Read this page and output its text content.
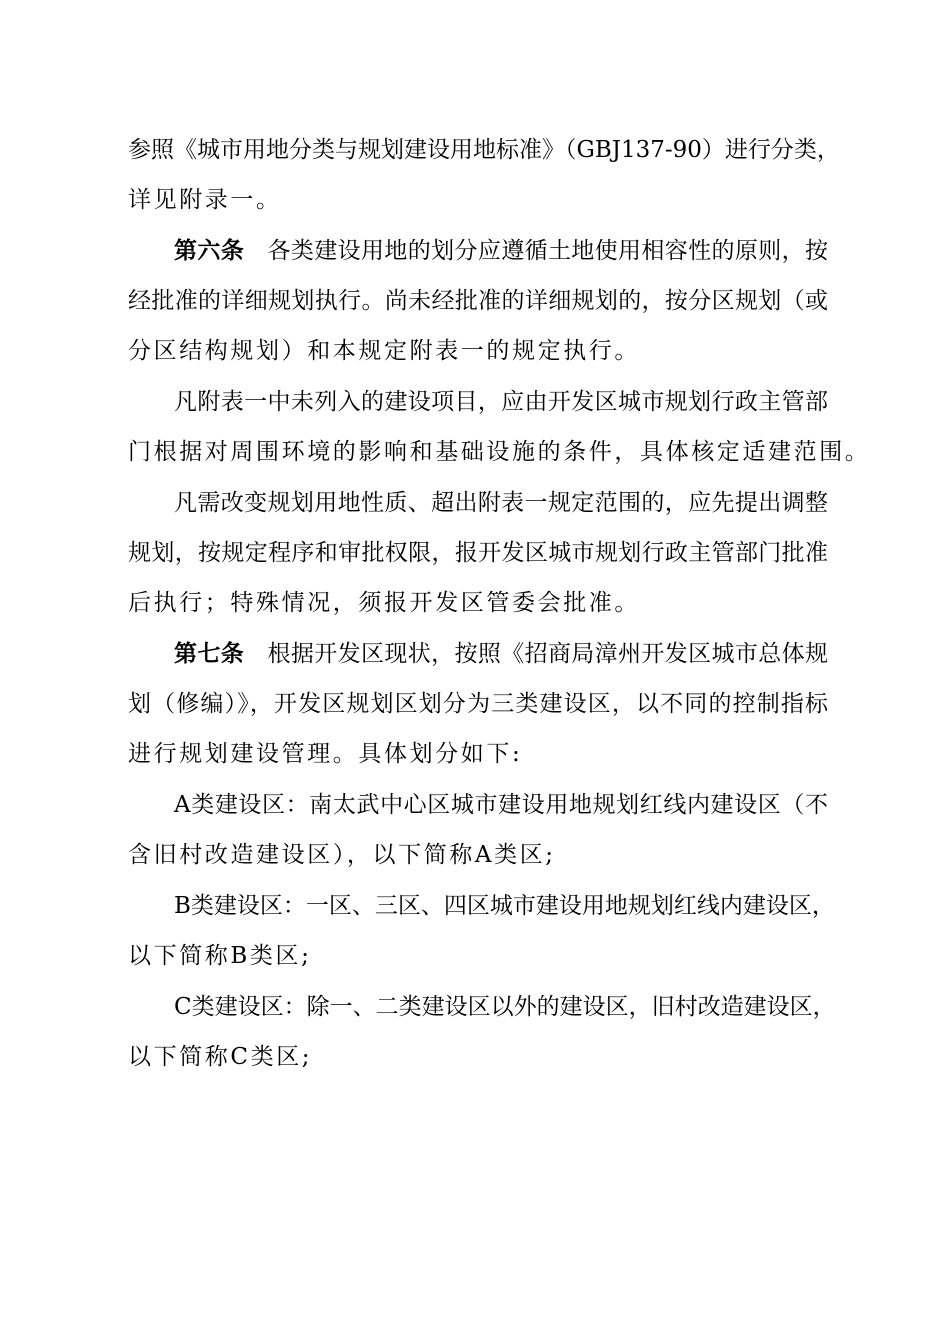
参照《城市用地分类与规划建设用地标准》（GBJ137-90）进行分类，
详见附录一。
第六条　各类建设用地的划分应遵循土地使用相容性的原则，按
经批准的详细规划执行。尚未经批准的详细规划的，按分区规划（或
分区结构规划）和本规定附表一的规定执行。
凡附表一中未列入的建设项目，应由开发区城市规划行政主管部
门根据对周围环境的影响和基础设施的条件，具体核定适建范围。
凡需改变规划用地性质、超出附表一规定范围的，应先提出调整
规划，按规定程序和审批权限，报开发区城市规划行政主管部门批准
后执行；特殊情况，须报开发区管委会批准。
第七条　根据开发区现状，按照《招商局漳州开发区城市总体规
划（修编）》，开发区规划区划分为三类建设区，以不同的控制指标
进行规划建设管理。具体划分如下:
A类建设区：南太武中心区城市建设用地规划红线内建设区（不
含旧村改造建设区），以下简称A类区;
B类建设区：一区、三区、四区城市建设用地规划红线内建设区，
以下简称B类区;
C类建设区：除一、二类建设区以外的建设区，旧村改造建设区，
以下简称C类区;
